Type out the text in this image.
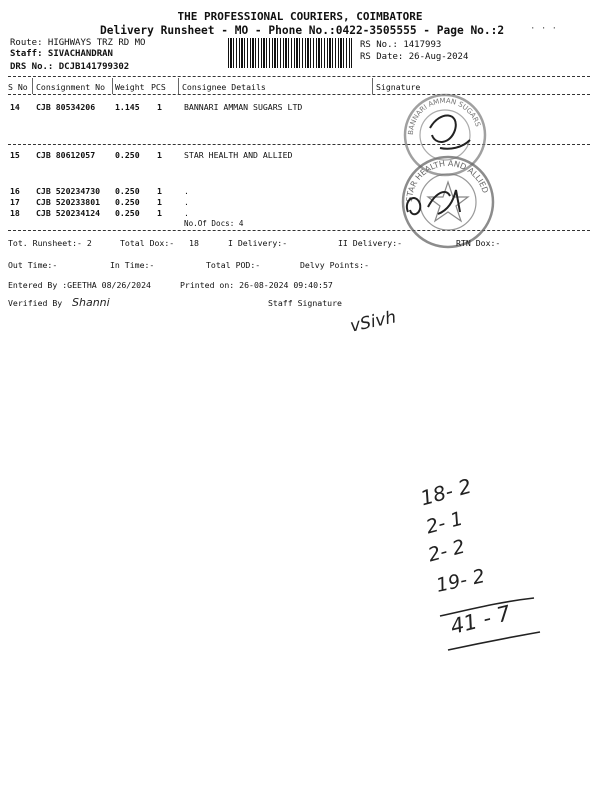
THE PROFESSIONAL COURIERS, COIMBATORE
Delivery Runsheet - MO - Phone No.:0422-3505555 - Page No.:2	· · ·
Route: HIGHWAYS TRZ RD MO
Staff: SIVACHANDRAN
DRS No.: DCJB141799302
RS No.: 1417993
RS Date: 26-Aug-2024
S No Consignment No Weight PCS Consignee Details	Signature
14 CJB 80534206 1.145 1	BANNARI AMMAN SUGARS LTD
15 CJB 80612057 0.250 1	STAR HEALTH AND ALLIED
16 CJB 520234730 0.250 1	.
17 CJB 520233801 0.250 1	.
18 CJB 520234124 0.250 1	.
No.Of Docs: 4
BANNARI AMMAN SUGARS
STAR HEALTH AND ALLIED
Tot. Runsheet:- 2	Total Dox:-   18	I Delivery:-	II Delivery:-	RTN Dox:-
Out Time:-	In Time:-	Total POD:-	Delvy Points:-
Entered By :GEETHA 08/26/2024	Printed on: 26-08-2024 09:40:57
Verified By	Staff Signature
Shanni
vSivh
18- 2
2- 1
2- 2
19- 2
41 - 7
